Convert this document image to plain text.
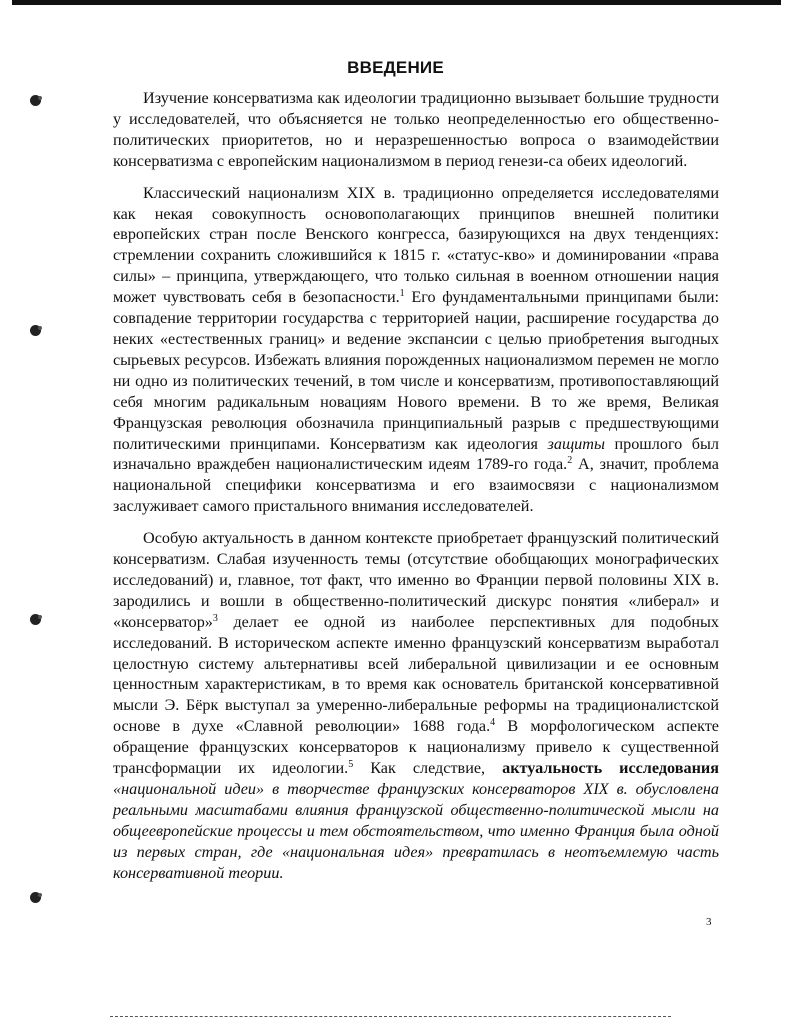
ВВЕДЕНИЕ

Изучение консерватизма как идеологии традиционно вызывает большие трудности у исследователей, что объясняется не только неопределенностью его общественно-политических приоритетов, но и неразрешенностью вопроса о взаимодействии консерватизма с европейским национализмом в период генези-са обеих идеологий.

Классический национализм XIX в. традиционно определяется исследователями как некая совокупность основополагающих принципов внешней политики европейских стран после Венского конгресса, базирующихся на двух тенденциях: стремлении сохранить сложившийся к 1815 г. «статус-кво» и доминировании «права силы» – принципа, утверждающего, что только сильная в военном отношении нация может чувствовать себя в безопасности.$^1$ Его фундаментальными принципами были: совпадение территории государства с территорией нации, расширение государства до неких «естественных границ» и ведение экспансии с целью приобретения выгодных сырьевых ресурсов. Избежать влияния порожденных национализмом перемен не могло ни одно из политических течений, в том числе и консерватизм, противопоставляющий себя многим радикальным новациям Нового времени. В то же время, Великая Французская революция обозначила принципиальный разрыв с предшествующими политическими принципами. Консерватизм как идеология защиты прошлого был изначально враждебен националистическим идеям 1789-го года.$^2$ А, значит, проблема национальной специфики консерватизма и его взаимосвязи с национализмом заслуживает самого пристального внимания исследователей.

Особую актуальность в данном контексте приобретает французский политический консерватизм. Слабая изученность темы (отсутствие обобщающих монографических исследований) и, главное, тот факт, что именно во Франции первой половины XIX в. зародились и вошли в общественно-политический дискурс понятия «либерал» и «консерватор»$^3$ делает ее одной из наиболее перспективных для подобных исследований. В историческом аспекте именно французский консерватизм выработал целостную систему альтернативы всей либеральной цивилизации и ее основным ценностным характеристикам, в то время как основатель британской консервативной мысли Э. Бёрк выступал за умеренно-либеральные реформы на традиционалистской основе в духе «Славной революции» 1688 года.$^4$ В морфологическом аспекте обращение французских консерваторов к национализму привело к существенной трансформации их идеологии.$^5$ Как следствие, актуальность исследования «национальной идеи» в творчестве французских консерваторов XIX в. обусловлена реальными масштабами влияния французской общественно-политической мысли на общеевропейские процессы и тем обстоятельством, что именно Франция была одной из первых стран, где «национальная идея» превратилась в неотъемлемую часть консервативной теории.

3
